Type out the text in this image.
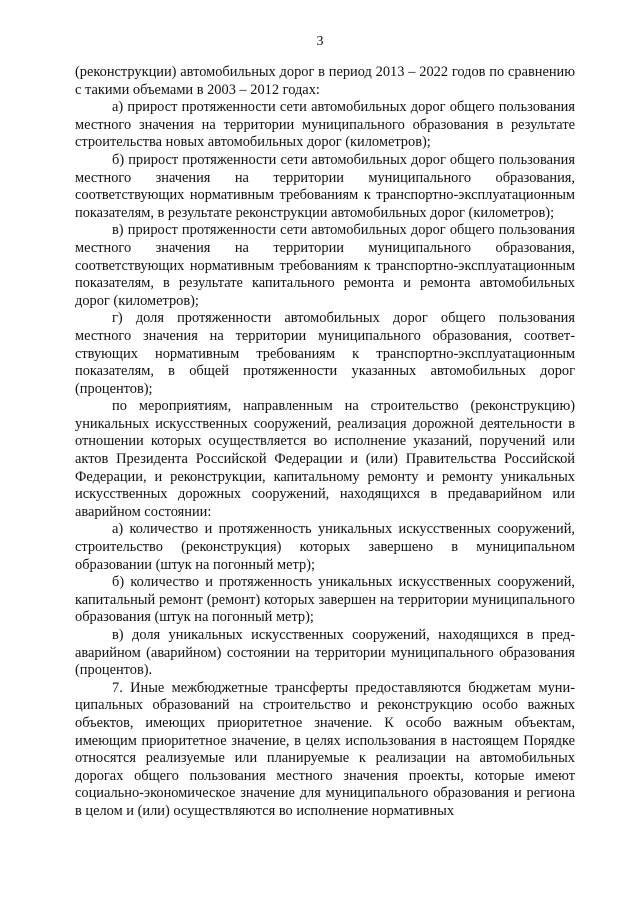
3

(реконструкции) автомобильных дорог в период 2013 – 2022 годов по сравнению с такими объемами в 2003 – 2012 годах:

а) прирост протяженности сети автомобильных дорог общего пользования местного значения на территории муниципального образования в результате строительства новых автомобильных дорог (километров);

б) прирост протяженности сети автомобильных дорог общего пользования местного значения на территории муниципального образования, соответствующих нормативным требованиям к транспортно-эксплуатационным показателям, в результате реконструкции автомобильных дорог (километров);

в) прирост протяженности сети автомобильных дорог общего пользования местного значения на территории муниципального образования, соответствующих нормативным требованиям к транспортно-эксплуатационным показателям, в результате капитального ремонта и ремонта автомобильных дорог (километров);

г) доля протяженности автомобильных дорог общего пользования местного значения на территории муниципального образования, соответствующих нормативным требованиям к транспортно-эксплуатационным показателям, в общей протяженности указанных автомобильных дорог (процентов);

по мероприятиям, направленным на строительство (реконструкцию) уникальных искусственных сооружений, реализация дорожной деятельности в отношении которых осуществляется во исполнение указаний, поручений или актов Президента Российской Федерации и (или) Правительства Российской Федерации, и реконструкции, капитальному ремонту и ремонту уникальных искусственных дорожных сооружений, находящихся в предаварийном или аварийном состоянии:

а) количество и протяженность уникальных искусственных сооружений, строительство (реконструкция) которых завершено в муниципальном образовании (штук на погонный метр);

б) количество и протяженность уникальных искусственных сооружений, капитальный ремонт (ремонт) которых завершен на территории муниципального образования (штук на погонный метр);

в) доля уникальных искусственных сооружений, находящихся в предаварийном (аварийном) состоянии на территории муниципального образования (процентов).

7. Иные межбюджетные трансферты предоставляются бюджетам муниципальных образований на строительство и реконструкцию особо важных объектов, имеющих приоритетное значение. К особо важным объектам, имеющим приоритетное значение, в целях использования в настоящем Порядке относятся реализуемые или планируемые к реализации на автомобильных дорогах общего пользования местного значения проекты, которые имеют социально-экономическое значение для муниципального образования и региона в целом и (или) осуществляются во исполнение нормативных
